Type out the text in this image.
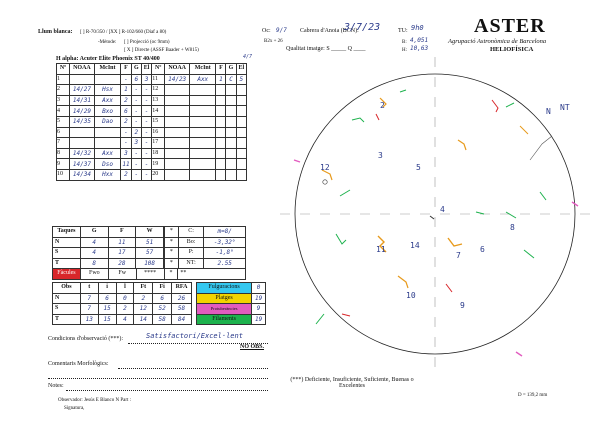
Llum blanca: [ ] R-70/350 / [XX ] R-102/660 (Diaf a 80)	Oc: 9/7 Cabrera d'Anoia (BCN):
3/7/23	TU: 9h0
-Mètode: [ ] Projecció (oc 9mm)	B2x + 26
[ X ] Directe (ASSF Baader + W815)	Qualitat imatge: S _____ Q ____
B: 4,051
H: 10,63
H alpha: Acuter Elite Phoenix ST 40/400	4/7
ASTER
Agrupació Astronòmica de Barcelona
HELIOFÍSICA
Nº	NOAA	McInt	F	G	El	Nº	NOAA	McInt	F	G	El
1			-	6	3	11	14/23	Axx	1	C	5
2	14/27	Hsx	1	-	-	12					
3	14/31	Axx	2	-	-	13					
4	14/29	Bxo	6	-	-	14					
5	14/35	Dao	2	-	-	15					
6			-	2	-	16					
7			-	3	-	17					
8	14/32	Axx	3	-	-	18					
9	14/37	Dso	11	-	-	19					
10	14/34	Hxx	2	-	-	20					
Taques	G	F	W
N	4	11	51
S	4	17	57
T	8	28	108
*	C:	m=8/
*	Bo:	-3,32°
*	P:	-1,8°
*	NT:	2.55
Fàcules	Fwo	Fw	****	*	**
Obs	t	i	l	Ft	Fi	RFA
N	7	6	0	2	6	26
S	7	15	2	12	52	58
T	13	15	4	14	58	84
Fulguracions	0
Platges	19
Protuberàncies	9
Filaments	19
Condicions d'observació (***):	Satisfactori/Excel·lent
NO OBS.
Comentaris Morfològics:
Notes:
Observador: Jesús E Blanco N Part :
Signatura,
(***) Deficiente, Insuficiente, Suficiente, Buenas o Excelentes
D = 139,2 mm
2
3
5
12
4
11	14	6
7
8
10
9
N NT
